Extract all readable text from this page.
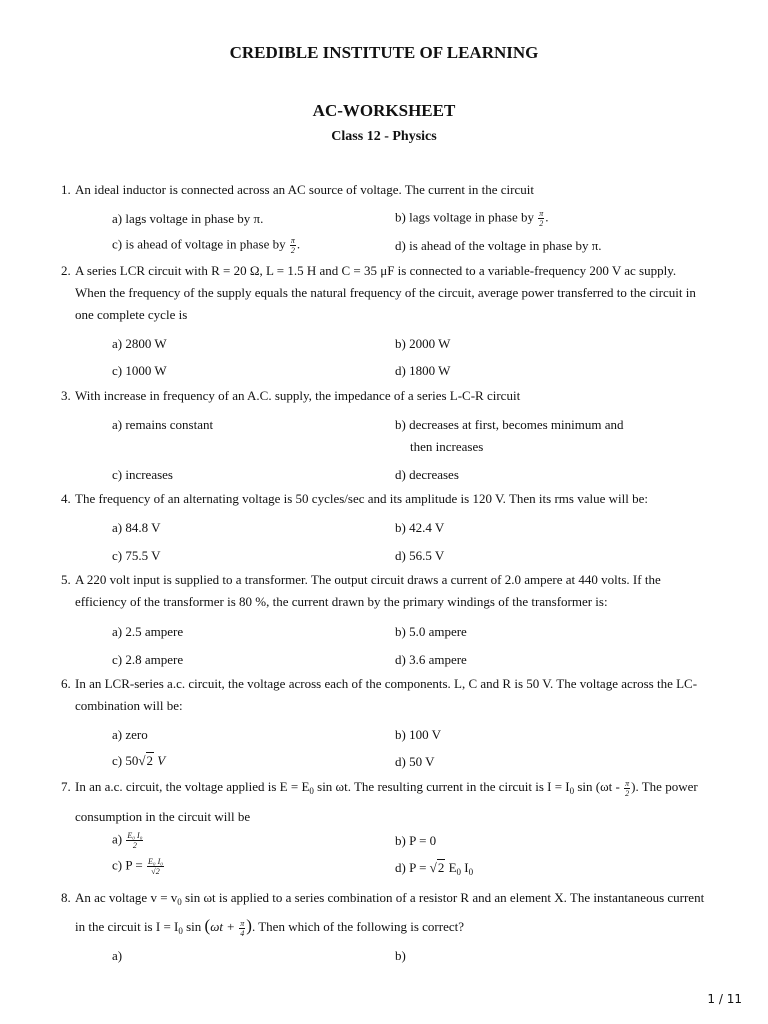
CREDIBLE INSTITUTE OF LEARNING
AC-WORKSHEET
Class 12 - Physics
1. An ideal inductor is connected across an AC source of voltage. The current in the circuit
a) lags voltage in phase by π.	b) lags voltage in phase by $\frac{\pi}{2}$ .
c) is ahead of voltage in phase by $\frac{\pi}{2}$ .	d) is ahead of the voltage in phase by π.
2. A series LCR circuit with R = 20 Ω, L = 1.5 H and C = 35 μF is connected to a variable-frequency 200 V ac supply.
When the frequency of the supply equals the natural frequency of the circuit, average power transferred to the circuit in
one complete cycle is
a) 2800 W	b) 2000 W
c) 1000 W	d) 1800 W
3. With increase in frequency of an A.C. supply, the impedance of a series L-C-R circuit
a) remains constant	b) decreases at first, becomes minimum and
then increases
c) increases	d) decreases
4. The frequency of an alternating voltage is 50 cycles/sec and its amplitude is 120 V. Then its rms value will be:
a) 84.8 V	b) 42.4 V
c) 75.5 V	d) 56.5 V
5. A 220 volt input is supplied to a transformer. The output circuit draws a current of 2.0 ampere at 440 volts. If the
efficiency of the transformer is 80 %, the current drawn by the primary windings of the transformer is:
a) 2.5 ampere	b) 5.0 ampere
c) 2.8 ampere	d) 3.6 ampere
6. In an LCR-series a.c. circuit, the voltage across each of the components. L, C and R is 50 V. The voltage across the LC-
combination will be:
a) zero	b) 100 V
c) 50√2 V	d) 50 V
7. In an a.c. circuit, the voltage applied is $E = E_0$ sin ωt. The resulting current in the circuit is $I = I_0$ $\sin (\omega t - \frac{\pi}{2}$ ). The power
consumption in the circuit will be
$a) \frac{\text{E₀ I₀}}{2}$	b) P = 0
c) $P = \frac{\text{E₀ I₀}}{√2}$	d) P = √2 $E_0$ $I_0$
8. An ac voltage $v = v_0$ sin ωt is applied to a series combination of a resistor R and an element X. The instantaneous current
in the circuit is $I = I_0$ $\sin (\omega t + \frac{\pi}{4}$ ). Then which of the following is correct?
a)	b)
1 / 11
